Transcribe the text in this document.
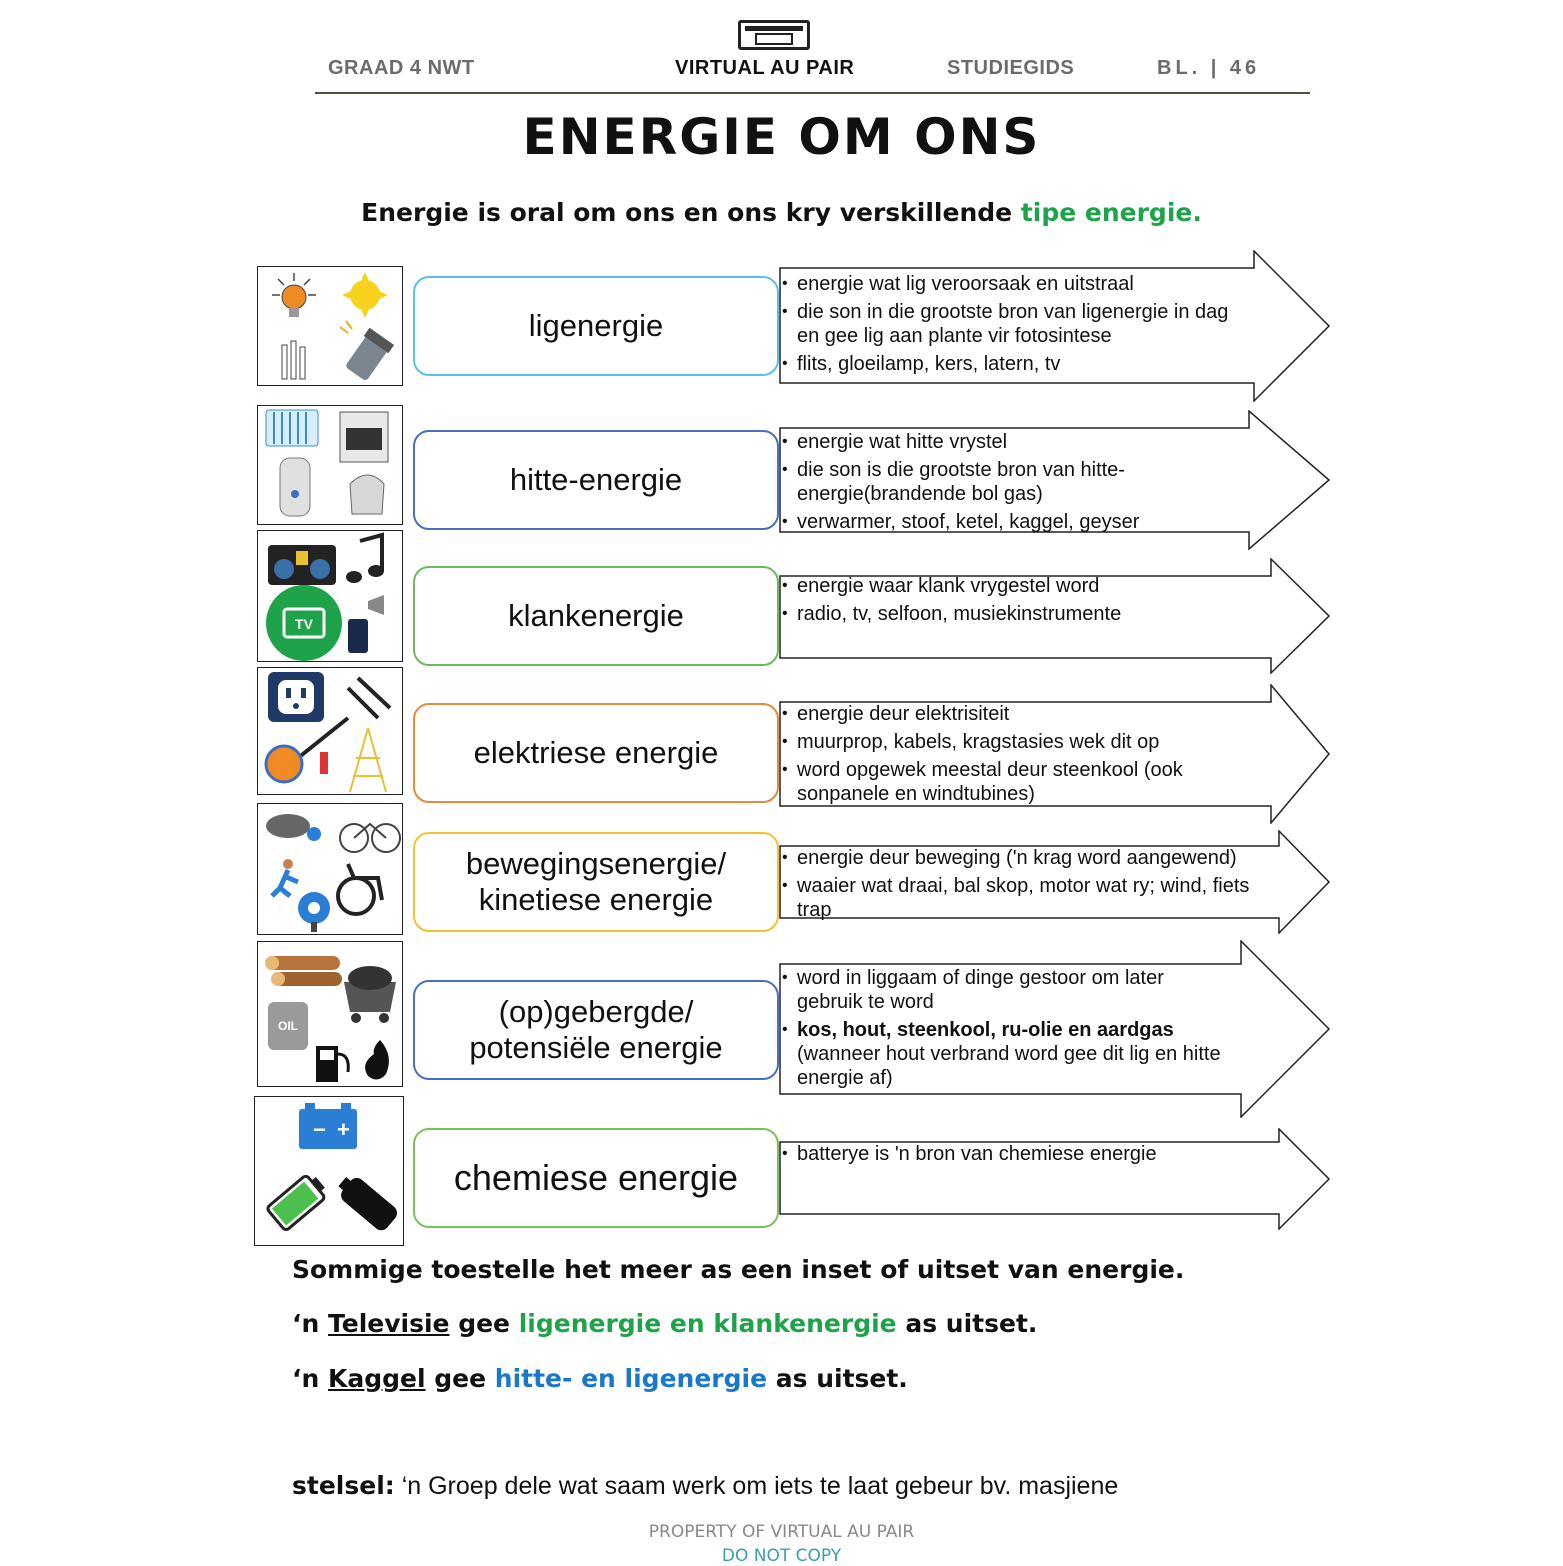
GRAAD 4 NWT	VIRTUAL AU PAIR	STUDIEGIDS	BL. | 46
ENERGIE OM ONS
Energie is oral om ons en ons kry verskillende tipe energie.
ligenergie
• energie wat lig veroorsaak en uitstraal
• die son in die grootste bron van ligenergie in dag en gee lig aan plante vir fotosintese
• flits, gloeilamp, kers, latern, tv
hitte-energie
• energie wat hitte vrystel
• die son is die grootste bron van hitte-energie(brandende bol gas)
• verwarmer, stoof, ketel, kaggel, geyser
TV	klankenergie
• energie waar klank vrygestel word
• radio, tv, selfoon, musiekinstrumente
elektriese energie
• energie deur elektrisiteit
• muurprop, kabels, kragstasies wek dit op
• word opgewek meestal deur steenkool (ook sonpanele en windtubines)
bewegingsenergie/
kinetiese energie
• energie deur beweging ('n krag word aangewend)
• waaier wat draai, bal skop, motor wat ry; wind, fiets trap
OIL	(op)gebergde/
potensiële energie
• word in liggaam of dinge gestoor om later gebruik te word
• kos, hout, steenkool, ru-olie en aardgas
(wanneer hout verbrand word gee dit lig en hitte energie af)
− +
chemiese energie
• batterye is 'n bron van chemiese energie
Sommige toestelle het meer as een inset of uitset van energie.
‘n Televisie gee ligenergie en klankenergie as uitset.
‘n Kaggel gee hitte- en ligenergie as uitset.
stelsel: ‘n Groep dele wat saam werk om iets te laat gebeur bv. masjiene
PROPERTY OF VIRTUAL AU PAIR
DO NOT COPY
